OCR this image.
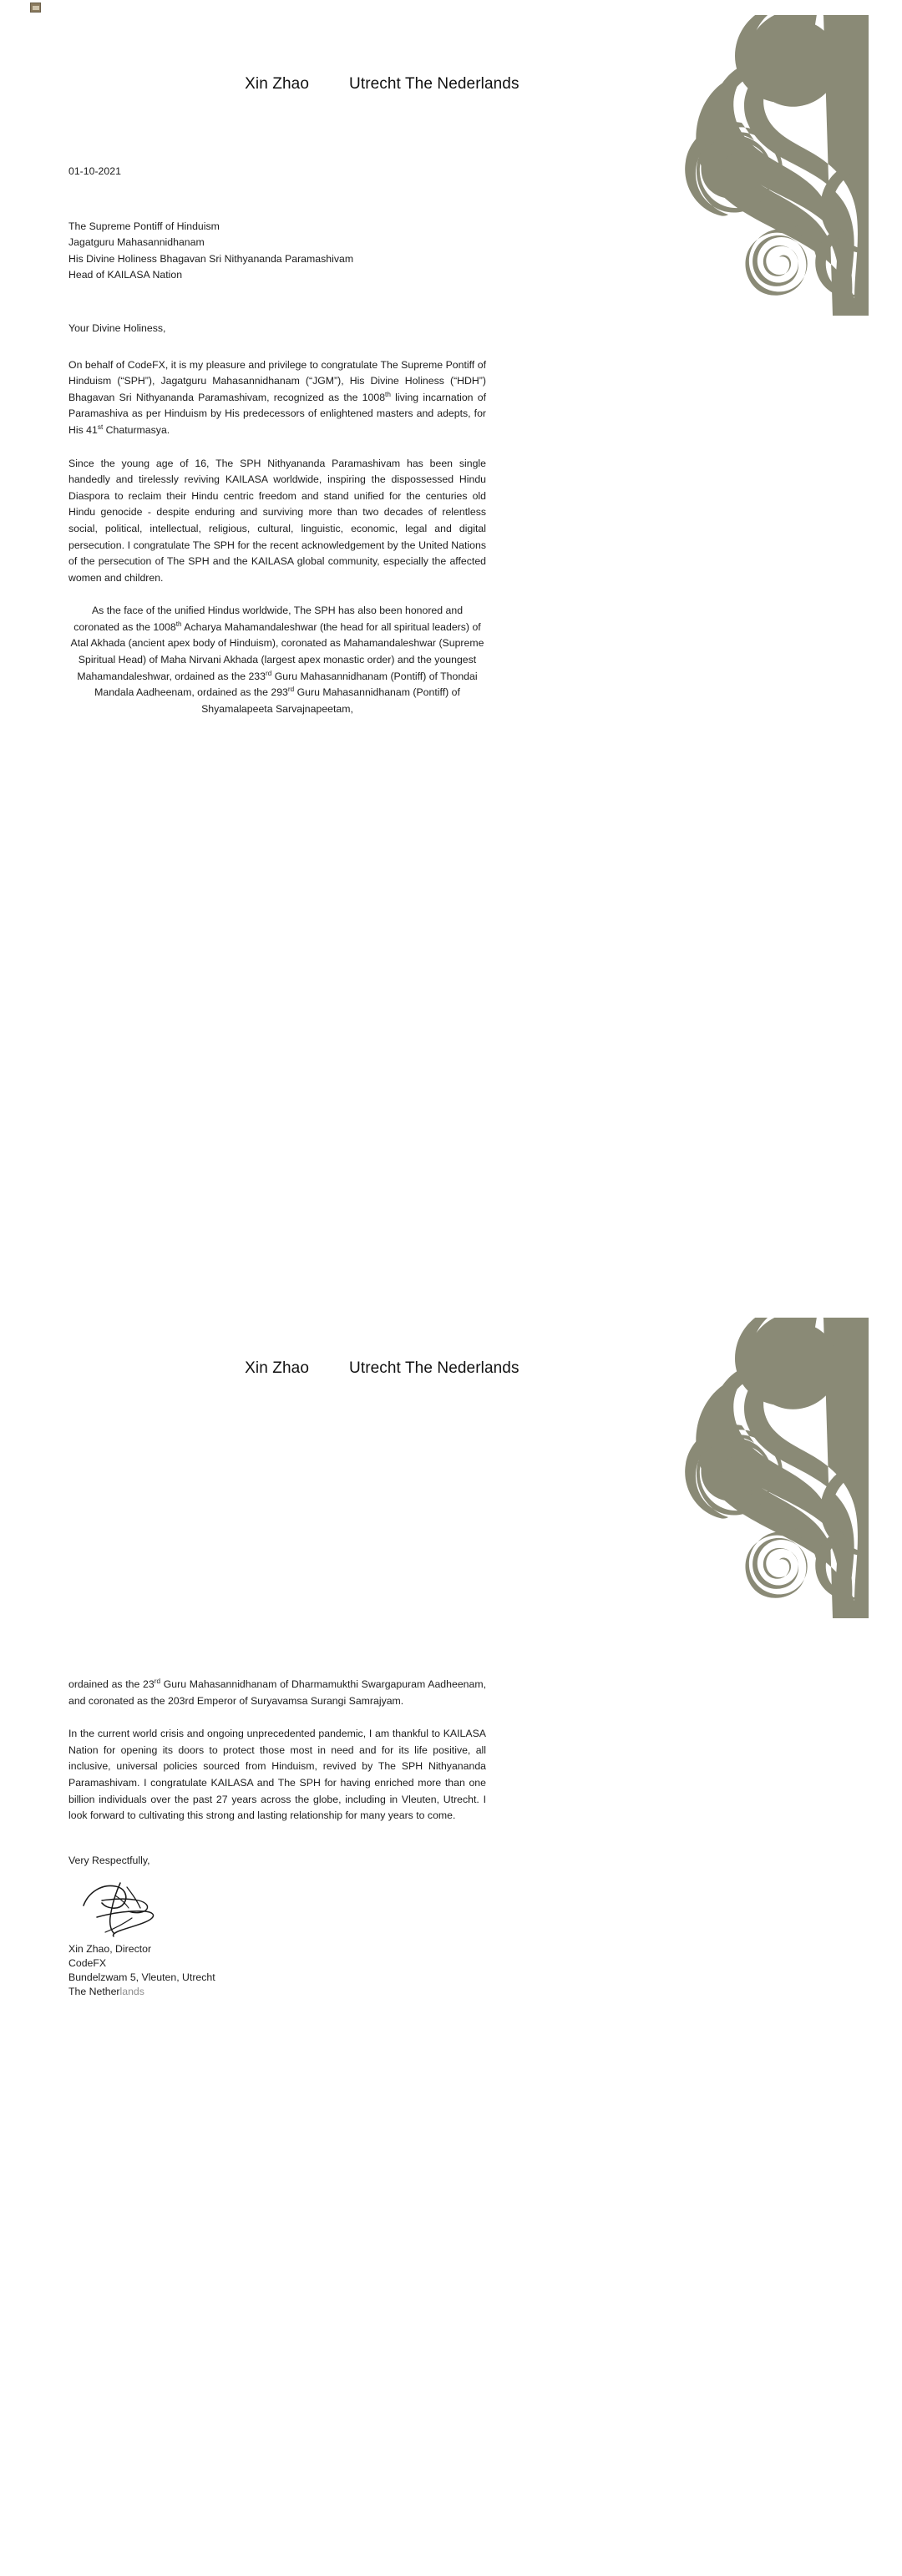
Xin Zhao	Utrecht The Nederlands
01-10-2021
The Supreme Pontiff of Hinduism
Jagatguru Mahasannidhanam
His Divine Holiness Bhagavan Sri Nithyananda Paramashivam
Head of KAILASA Nation
Your Divine Holiness,

On behalf of CodeFX, it is my pleasure and privilege to congratulate The Supreme Pontiff of Hinduism (“SPH”), Jagatguru Mahasannidhanam (“JGM”), His Divine Holiness (“HDH”) Bhagavan Sri Nithyananda Paramashivam, recognized as the 1008th living incarnation of Paramashiva as per Hinduism by His predecessors of enlightened masters and adepts, for His 41st Chaturmasya.

Since the young age of 16, The SPH Nithyananda Paramashivam has been single handedly and tirelessly reviving KAILASA worldwide, inspiring the dispossessed Hindu Diaspora to reclaim their Hindu centric freedom and stand unified for the centuries old Hindu genocide - despite enduring and surviving more than two decades of relentless social, political, intellectual, religious, cultural, linguistic, economic, legal and digital persecution. I congratulate The SPH for the recent acknowledgement by the United Nations of the persecution of The SPH and the KAILASA global community, especially the affected women and children.

As the face of the unified Hindus worldwide, The SPH has also been honored and coronated as the 1008th Acharya Mahamandaleshwar (the head for all spiritual leaders) of Atal Akhada (ancient apex body of Hinduism), coronated as Mahamandaleshwar (Supreme Spiritual Head) of Maha Nirvani Akhada (largest apex monastic order) and the youngest Mahamandaleshwar, ordained as the 233rd Guru Mahasannidhanam (Pontiff) of Thondai Mandala Aadheenam, ordained as the 293rd Guru Mahasannidhanam (Pontiff) of Shyamalapeeta Sarvajnapeetam,

Xin Zhao	Utrecht The Nederlands

ordained as the 23rd Guru Mahasannidhanam of Dharmamukthi Swargapuram Aadheenam, and coronated as the 203rd Emperor of Suryavamsa Surangi Samrajyam.

In the current world crisis and ongoing unprecedented pandemic, I am thankful to KAILASA Nation for opening its doors to protect those most in need and for its life positive, all inclusive, universal policies sourced from Hinduism, revived by The SPH Nithyananda Paramashivam. I congratulate KAILASA and The SPH for having enriched more than one billion individuals over the past 27 years across the globe, including in Vleuten, Utrecht. I look forward to cultivating this strong and lasting relationship for many years to come.

Very Respectfully,
Xin Zhao, Director
CodeFX
Bundelzwam 5, Vleuten, Utrecht
The Netherlands
